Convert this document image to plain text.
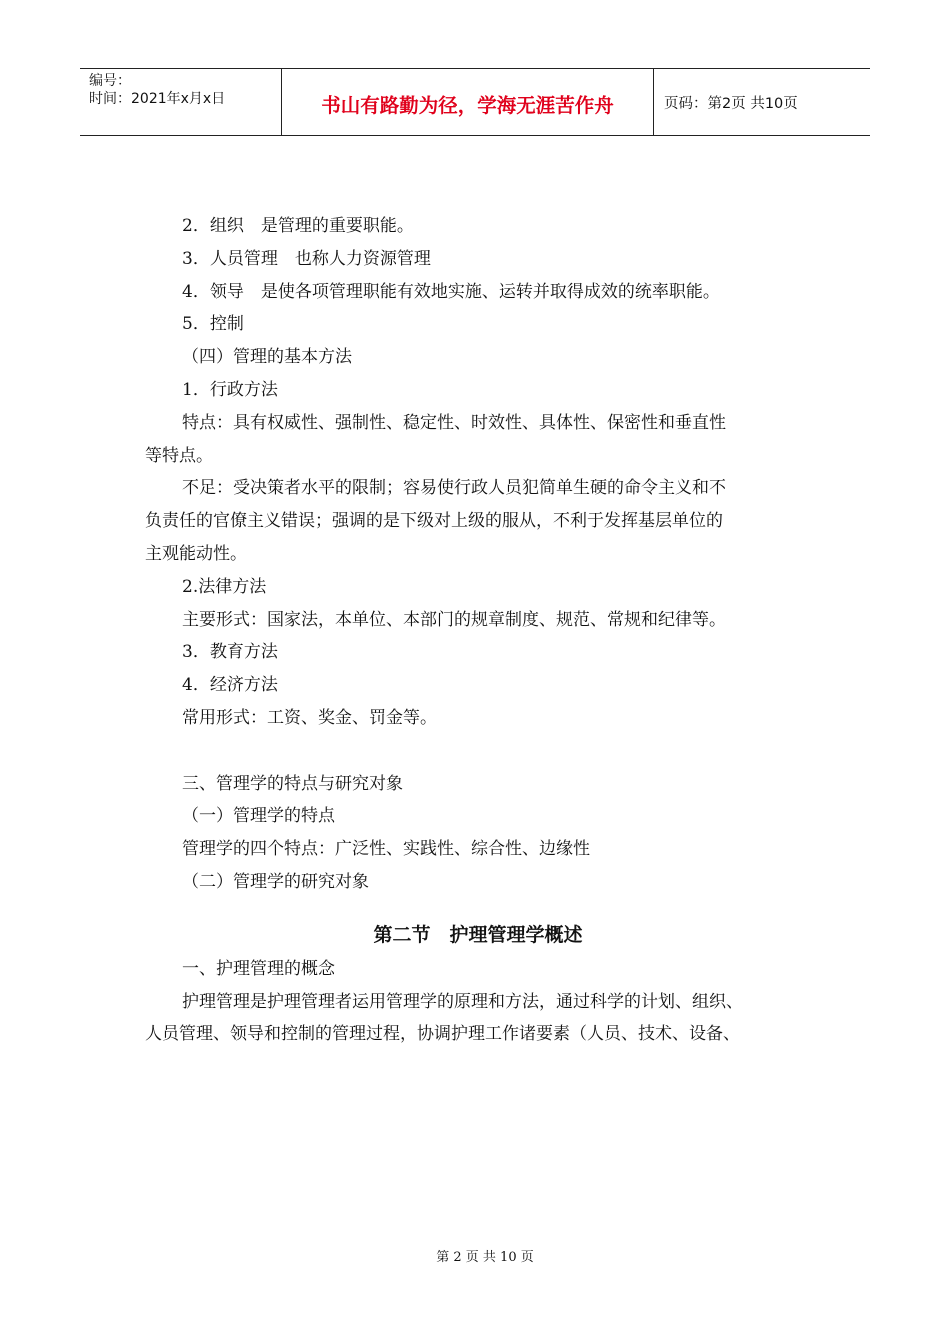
编号：
时间：2021年x月x日	书山有路勤为径，学海无涯苦作舟	页码：第2页 共10页
2．组织　是管理的重要职能。
3．人员管理　也称人力资源管理
4．领导　是使各项管理职能有效地实施、运转并取得成效的统率职能。
5．控制
（四）管理的基本方法
1．行政方法
特点：具有权威性、强制性、稳定性、时效性、具体性、保密性和垂直性
等特点。
不足：受决策者水平的限制；容易使行政人员犯简单生硬的命令主义和不
负责任的官僚主义错误；强调的是下级对上级的服从，不利于发挥基层单位的
主观能动性。
2.法律方法
主要形式：国家法，本单位、本部门的规章制度、规范、常规和纪律等。
3．教育方法
4．经济方法
常用形式：工资、奖金、罚金等。
三、管理学的特点与研究对象
（一）管理学的特点
管理学的四个特点：广泛性、实践性、综合性、边缘性
（二）管理学的研究对象
第二节　护理管理学概述
一、护理管理的概念
护理管理是护理管理者运用管理学的原理和方法，通过科学的计划、组织、
人员管理、领导和控制的管理过程，协调护理工作诸要素（人员、技术、设备、
第 2 页 共 10 页
